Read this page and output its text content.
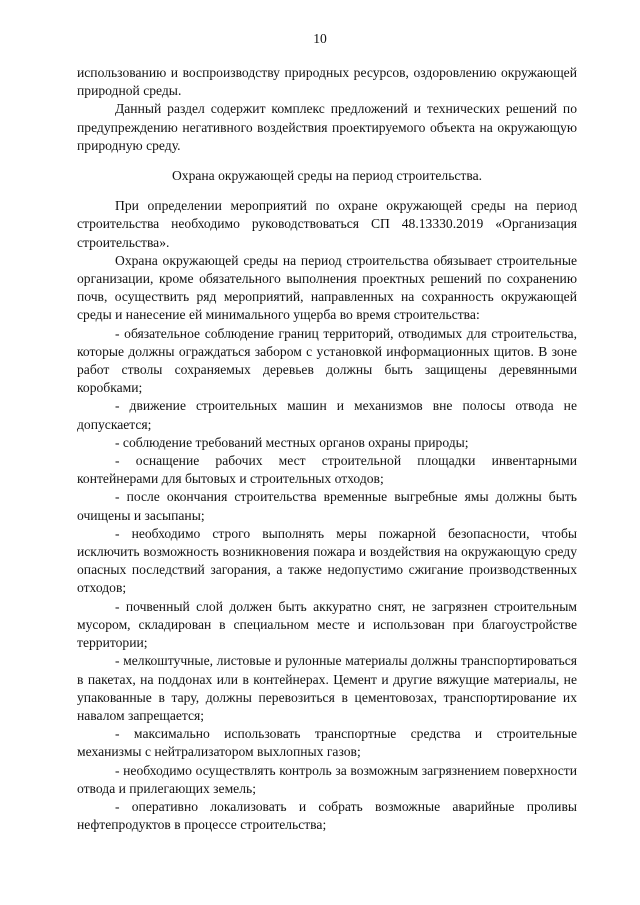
10

использованию и воспроизводству природных ресурсов, оздоровлению окружающей природной среды.

Данный раздел содержит комплекс предложений и технических решений по предупреждению негативного воздействия проектируемого объекта на окружающую природную среду.

Охрана окружающей среды на период строительства.

При определении мероприятий по охране окружающей среды на период строительства необходимо руководствоваться СП 48.13330.2019 «Организация строительства».

Охрана окружающей среды на период строительства обязывает строительные организации, кроме обязательного выполнения проектных решений по сохранению почв, осуществить ряд мероприятий, направленных на сохранность окружающей среды и нанесение ей минимального ущерба во время строительства:

- обязательное соблюдение границ территорий, отводимых для строительства, которые должны ограждаться забором с установкой информационных щитов. В зоне работ стволы сохраняемых деревьев должны быть защищены деревянными коробками;

- движение строительных машин и механизмов вне полосы отвода не допускается;

- соблюдение требований местных органов охраны природы;

- оснащение рабочих мест строительной площадки инвентарными контейнерами для бытовых и строительных отходов;

- после окончания строительства временные выгребные ямы должны быть очищены и засыпаны;

- необходимо строго выполнять меры пожарной безопасности, чтобы исключить возможность возникновения пожара и воздействия на окружающую среду опасных последствий загорания, а также недопустимо сжигание производственных отходов;

- почвенный слой должен быть аккуратно снят, не загрязнен строительным мусором, складирован в специальном месте и использован при благоустройстве территории;

- мелкоштучные, листовые и рулонные материалы должны транспортироваться в пакетах, на поддонах или в контейнерах. Цемент и другие вяжущие материалы, не упакованные в тару, должны перевозиться в цементовозах, транспортирование их навалом запрещается;

- максимально использовать транспортные средства и строительные механизмы с нейтрализатором выхлопных газов;

- необходимо осуществлять контроль за возможным загрязнением поверхности отвода и прилегающих земель;

- оперативно локализовать и собрать возможные аварийные проливы нефтепродуктов в процессе строительства;
